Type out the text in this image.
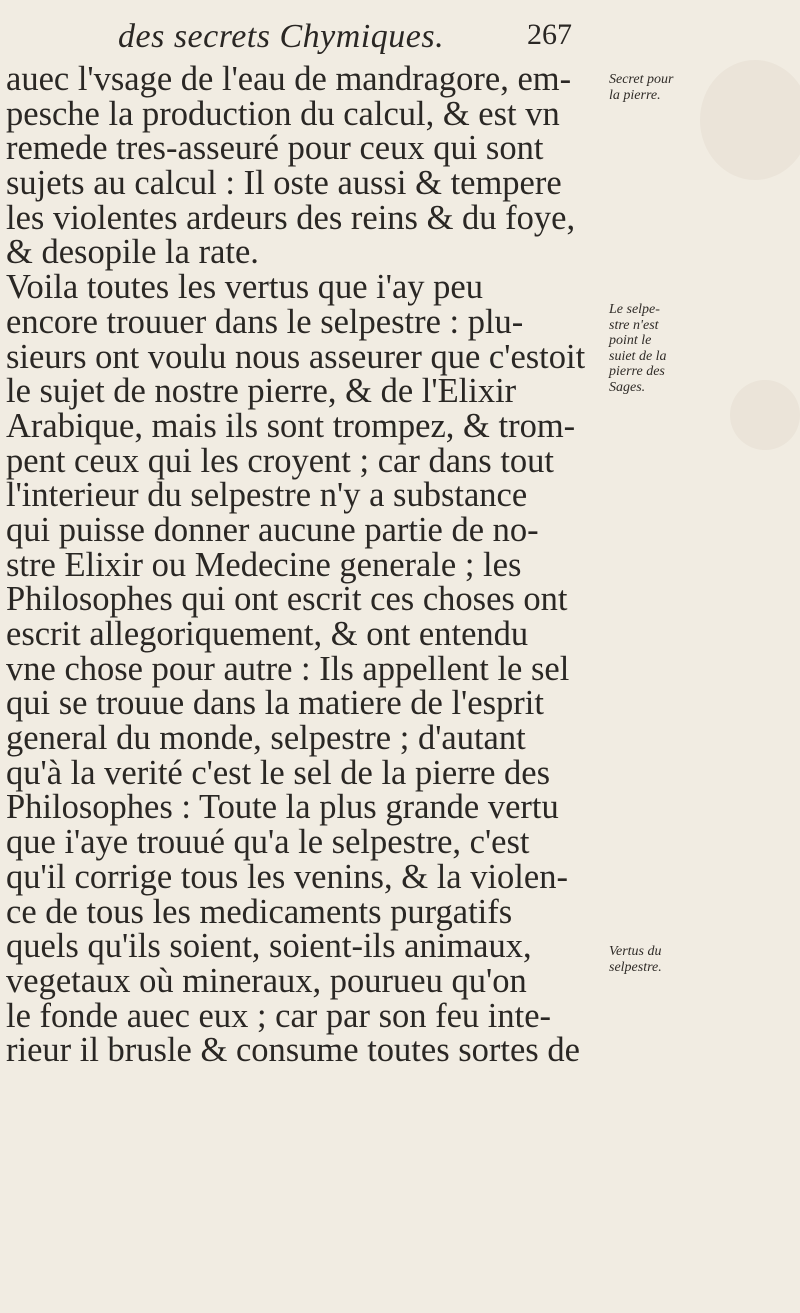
des secrets Chymiques.	267
auec l'vsage de l'eau de mandragore, em-
pesche la production du calcul, & est vn
remede tres-asseuré pour ceux qui sont
sujets au calcul : Il oste aussi & tempere
les violentes ardeurs des reins & du foye,
& desopile la rate.
Voila toutes les vertus que i'ay peu
encore trouuer dans le selpestre : plu-
sieurs ont voulu nous asseurer que c'estoit
le sujet de nostre pierre, & de l'Elixir
Arabique, mais ils sont trompez, & trom-
pent ceux qui les croyent ; car dans tout
l'interieur du selpestre n'y a substance
qui puisse donner aucune partie de no-
stre Elixir ou Medecine generale ; les
Philosophes qui ont escrit ces choses ont
escrit allegoriquement, & ont entendu
vne chose pour autre : Ils appellent le sel
qui se trouue dans la matiere de l'esprit
general du monde, selpestre ; d'autant
qu'à la verité c'est le sel de la pierre des
Philosophes : Toute la plus grande vertu
que i'aye trouué qu'a le selpestre, c'est
qu'il corrige tous les venins, & la violen-
ce de tous les medicaments purgatifs
quels qu'ils soient, soient-ils animaux,
vegetaux où mineraux, pourueu qu'on
le fonde auec eux ; car par son feu inte-
rieur il brusle & consume toutes sortes de
Secret pour
la pierre.
Le selpe-
stre n'est
point le
suiet de la
pierre des
Sages.
Vertus du
selpestre.
